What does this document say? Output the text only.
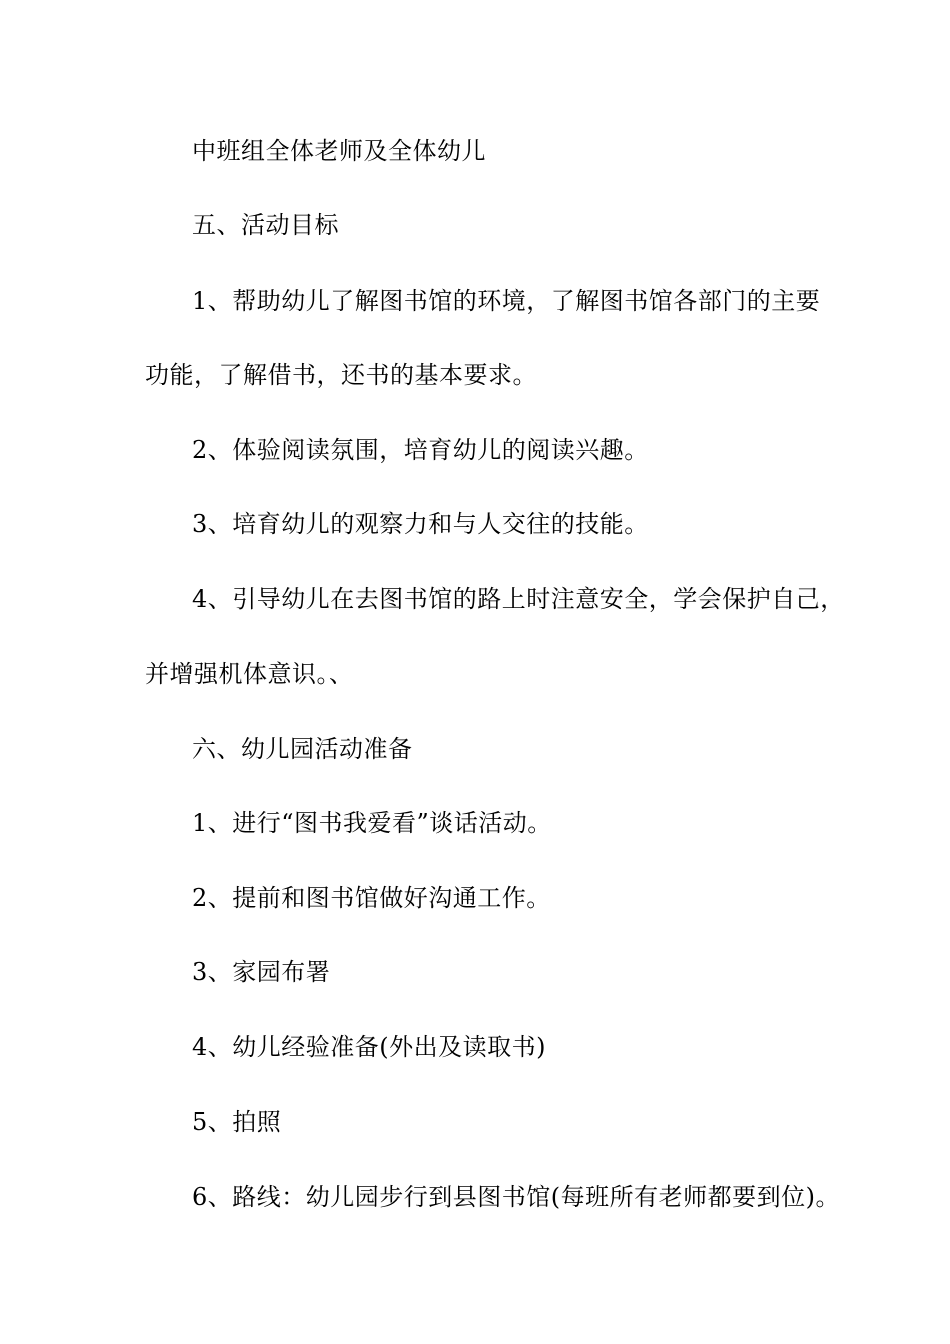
中班组全体老师及全体幼儿
五、活动目标
1、帮助幼儿了解图书馆的环境，了解图书馆各部门的主要
功能，了解借书，还书的基本要求。
2、体验阅读氛围，培育幼儿的阅读兴趣。
3、培育幼儿的观察力和与人交往的技能。
4、引导幼儿在去图书馆的路上时注意安全，学会保护自己，
并增强机体意识。、
六、幼儿园活动准备
1、进行“图书我爱看”谈话活动。
2、提前和图书馆做好沟通工作。
3、家园布署
4、幼儿经验准备(外出及读取书)
5、拍照
6、路线：幼儿园步行到县图书馆(每班所有老师都要到位)。
